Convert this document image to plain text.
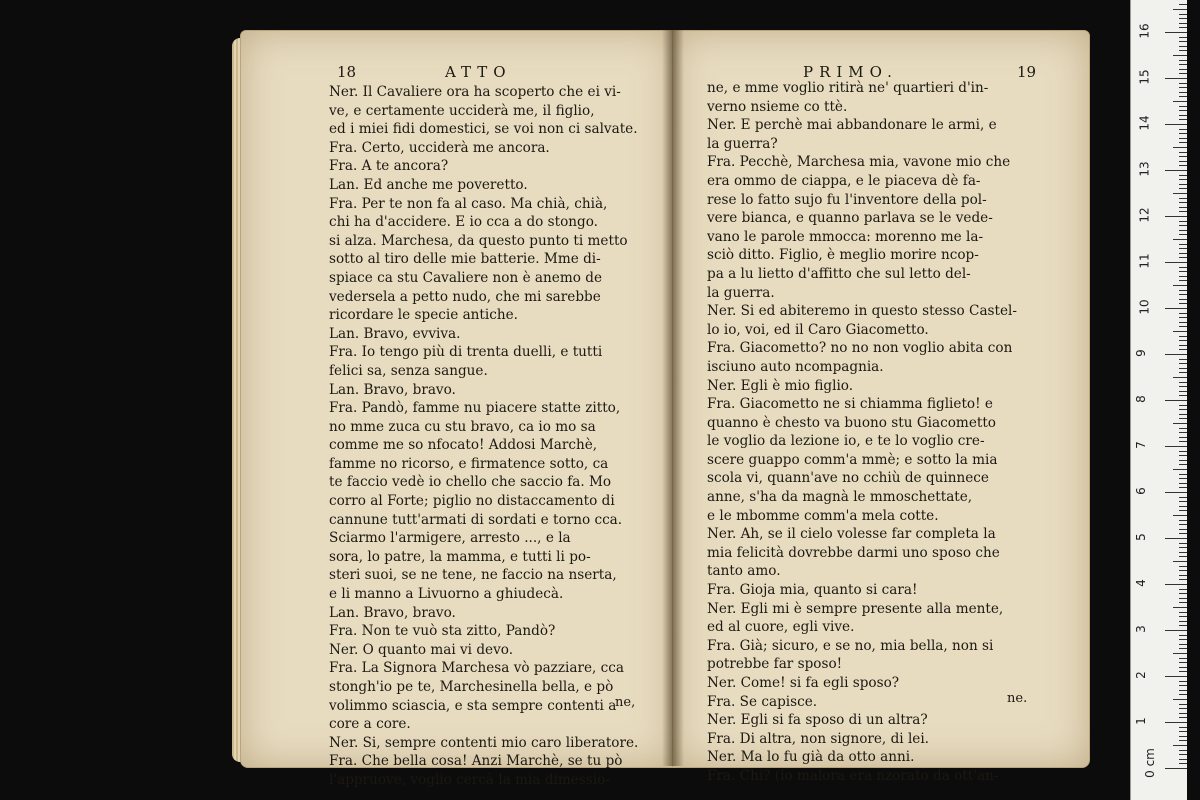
18	ATTO
Ner. Il Cavaliere ora ha scoperto che ei vi-
ve, e certamente ucciderà me, il figlio,
ed i miei fidi domestici, se voi non ci salvate.
Fra. Certo, ucciderà me ancora.
Fra. A te ancora?
Lan. Ed anche me poveretto.
Fra. Per te non fa al caso. Ma chià, chià,
chi ha d'accidere. E io cca a do stongo.
si alza. Marchesa, da questo punto ti metto
sotto al tiro delle mie batterie. Mme di-
spiace ca stu Cavaliere non è anemo de
vedersela a petto nudo, che mi sarebbe
ricordare le specie antiche.
Lan. Bravo, evviva.
Fra. Io tengo più di trenta duelli, e tutti
felici sa, senza sangue.
Lan. Bravo, bravo.
Fra. Pandò, famme nu piacere statte zitto,
no mme zuca cu stu bravo, ca io mo sa
comme me so nfocato! Addosi Marchè,
famme no ricorso, e firmatence sotto, ca
te faccio vedè io chello che saccio fa. Mo
corro al Forte; piglio no distaccamento di
cannune tutt'armati di sordati e torno cca.
Sciarmo l'armigere, arresto ..., e la
sora, lo patre, la mamma, e tutti li po-
steri suoi, se ne tene, ne faccio na nserta,
e li manno a Livuorno a ghiudecà.
Lan. Bravo, bravo.
Fra. Non te vuò sta zitto, Pandò?
Ner. O quanto mai vi devo.
Fra. La Signora Marchesa vò pazziare, cca
stongh'io pe te, Marchesinella bella, e pò
volimmo sciascia, e sta sempre contenti a
core a core.
Ner. Si, sempre contenti mio caro liberatore.
Fra. Che bella cosa! Anzi Marchè, se tu pò
l'appruove, voglio cercà la mia dimessio-
ne,
PRIMO.	19
ne, e mme voglio ritirà ne' quartieri d'in-
verno nsieme co ttè.
Ner. E perchè mai abbandonare le armi, e
la guerra?
Fra. Pecchè, Marchesa mia, vavone mio che
era ommo de ciappa, e le piaceva dè fa-
rese lo fatto sujo fu l'inventore della pol-
vere bianca, e quanno parlava se le vede-
vano le parole mmocca: morenno me la-
sciò ditto. Figlio, è meglio morire ncop-
pa a lu lietto d'affitto che sul letto del-
la guerra.
Ner. Si ed abiteremo in questo stesso Castel-
lo io, voi, ed il Caro Giacometto.
Fra. Giacometto? no no non voglio abita con
isciuno auto ncompagnia.
Ner. Egli è mio figlio.
Fra. Giacometto ne si chiamma figlieto! e
quanno è chesto va buono stu Giacometto
le voglio da lezione io, e te lo voglio cre-
scere guappo comm'a mmè; e sotto la mia
scola vi, quann'ave no cchiù de quinnece
anne, s'ha da magnà le mmoschettate,
e le mbomme comm'a mela cotte.
Ner. Ah, se il cielo volesse far completa la
mia felicità dovrebbe darmi uno sposo che
tanto amo.
Fra. Gioja mia, quanto si cara!
Ner. Egli mi è sempre presente alla mente,
ed al cuore, egli vive.
Fra. Già; sicuro, e se no, mia bella, non si
potrebbe far sposo!
Ner. Come! si fa egli sposo?
Fra. Se capisce.
Ner. Egli si fa sposo di un altra?
Fra. Di altra, non signore, di lei.
Ner. Ma lo fu già da otto anni.
Fra. Chi? (io malora era nzorato da ott'an-
ne.
0 cm
1
2
3
4
5
6
7
8
9
10
11
12
13
14
15
16
